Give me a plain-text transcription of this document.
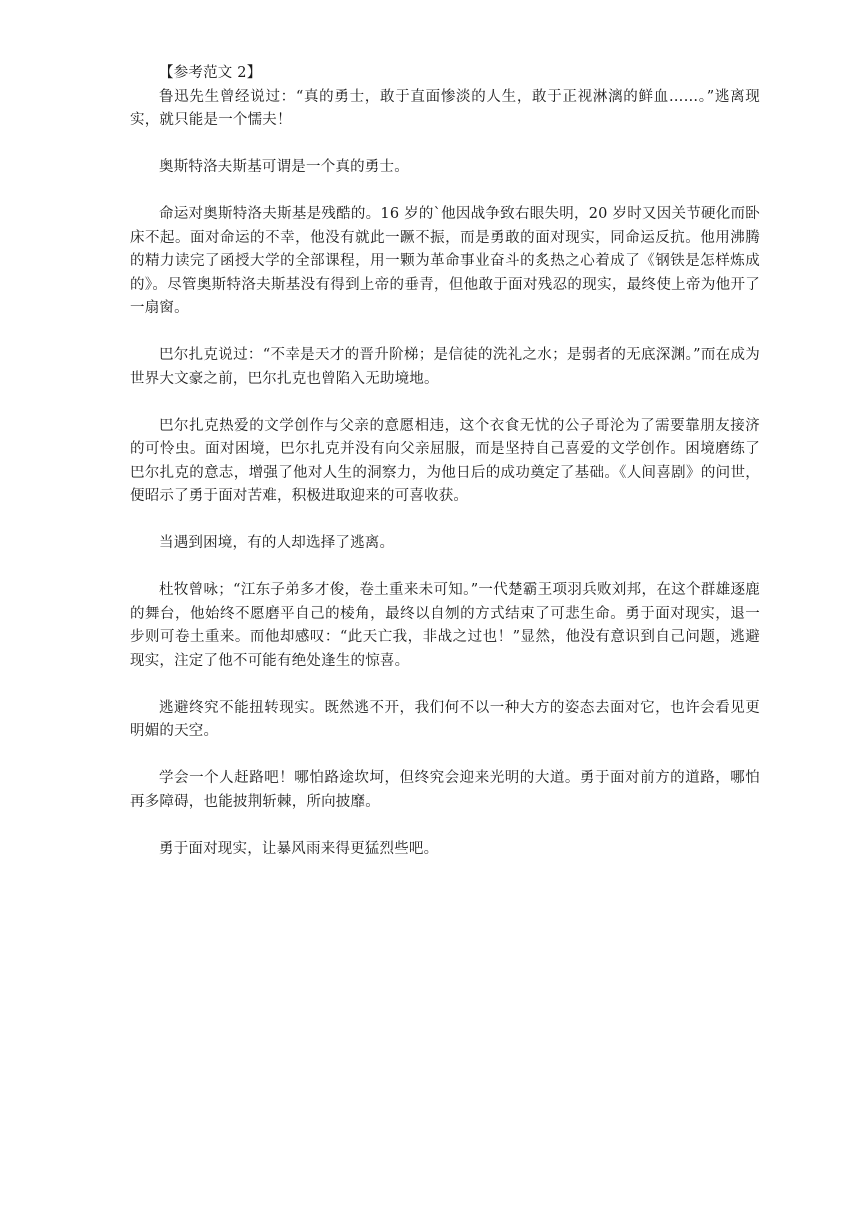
【参考范文 2】

鲁迅先生曾经说过：“真的勇士，敢于直面惨淡的人生，敢于正视淋漓的鲜血……。”逃离现实，就只能是一个懦夫！

奥斯特洛夫斯基可谓是一个真的勇士。

命运对奥斯特洛夫斯基是残酷的。16 岁的`他因战争致右眼失明，20 岁时又因关节硬化而卧床不起。面对命运的不幸，他没有就此一蹶不振，而是勇敢的面对现实，同命运反抗。他用沸腾的精力读完了函授大学的全部课程，用一颗为革命事业奋斗的炙热之心着成了《钢铁是怎样炼成的》。尽管奥斯特洛夫斯基没有得到上帝的垂青，但他敢于面对残忍的现实，最终使上帝为他开了一扇窗。

巴尔扎克说过：“不幸是天才的晋升阶梯；是信徒的洗礼之水；是弱者的无底深渊。”而在成为世界大文豪之前，巴尔扎克也曾陷入无助境地。

巴尔扎克热爱的文学创作与父亲的意愿相违，这个衣食无忧的公子哥沦为了需要靠朋友接济的可怜虫。面对困境，巴尔扎克并没有向父亲屈服，而是坚持自己喜爱的文学创作。困境磨练了巴尔扎克的意志，增强了他对人生的洞察力，为他日后的成功奠定了基础。《人间喜剧》的问世，便昭示了勇于面对苦难，积极进取迎来的可喜收获。

当遇到困境，有的人却选择了逃离。

杜牧曾咏；“江东子弟多才俊，卷土重来未可知。”一代楚霸王项羽兵败刘邦，在这个群雄逐鹿的舞台，他始终不愿磨平自己的棱角，最终以自刎的方式结束了可悲生命。勇于面对现实，退一步则可卷土重来。而他却感叹：“此天亡我，非战之过也！”显然，他没有意识到自己问题，逃避现实，注定了他不可能有绝处逢生的惊喜。

逃避终究不能扭转现实。既然逃不开，我们何不以一种大方的姿态去面对它，也许会看见更明媚的天空。

学会一个人赶路吧！哪怕路途坎坷，但终究会迎来光明的大道。勇于面对前方的道路，哪怕再多障碍，也能披荆斩棘，所向披靡。

勇于面对现实，让暴风雨来得更猛烈些吧。
